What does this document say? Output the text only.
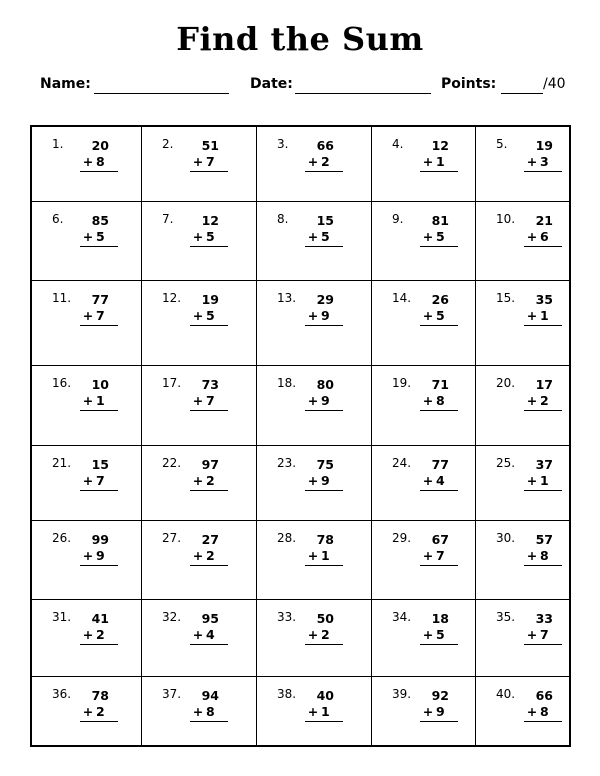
Find the Sum
Name:	Date:	Points:	/40
1.	20
+ 8
2.	51
+ 7
3.	66
+ 2
4.	12
+ 1
5.	19
+ 3
6.	85
+ 5
7.	12
+ 5
8.	15
+ 5
9.	81
+ 5
10.	21
+ 6
11.	77
+ 7
12.	19
+ 5
13.	29
+ 9
14.	26
+ 5
15.	35
+ 1
16.	10
+ 1
17.	73
+ 7
18.	80
+ 9
19.	71
+ 8
20.	17
+ 2
21.	15
+ 7
22.	97
+ 2
23.	75
+ 9
24.	77
+ 4
25.	37
+ 1
26.	99
+ 9
27.	27
+ 2
28.	78
+ 1
29.	67
+ 7
30.	57
+ 8
31.	41
+ 2
32.	95
+ 4
33.	50
+ 2
34.	18
+ 5
35.	33
+ 7
36.	78
+ 2
37.	94
+ 8
38.	40
+ 1
39.	92
+ 9
40.	66
+ 8
